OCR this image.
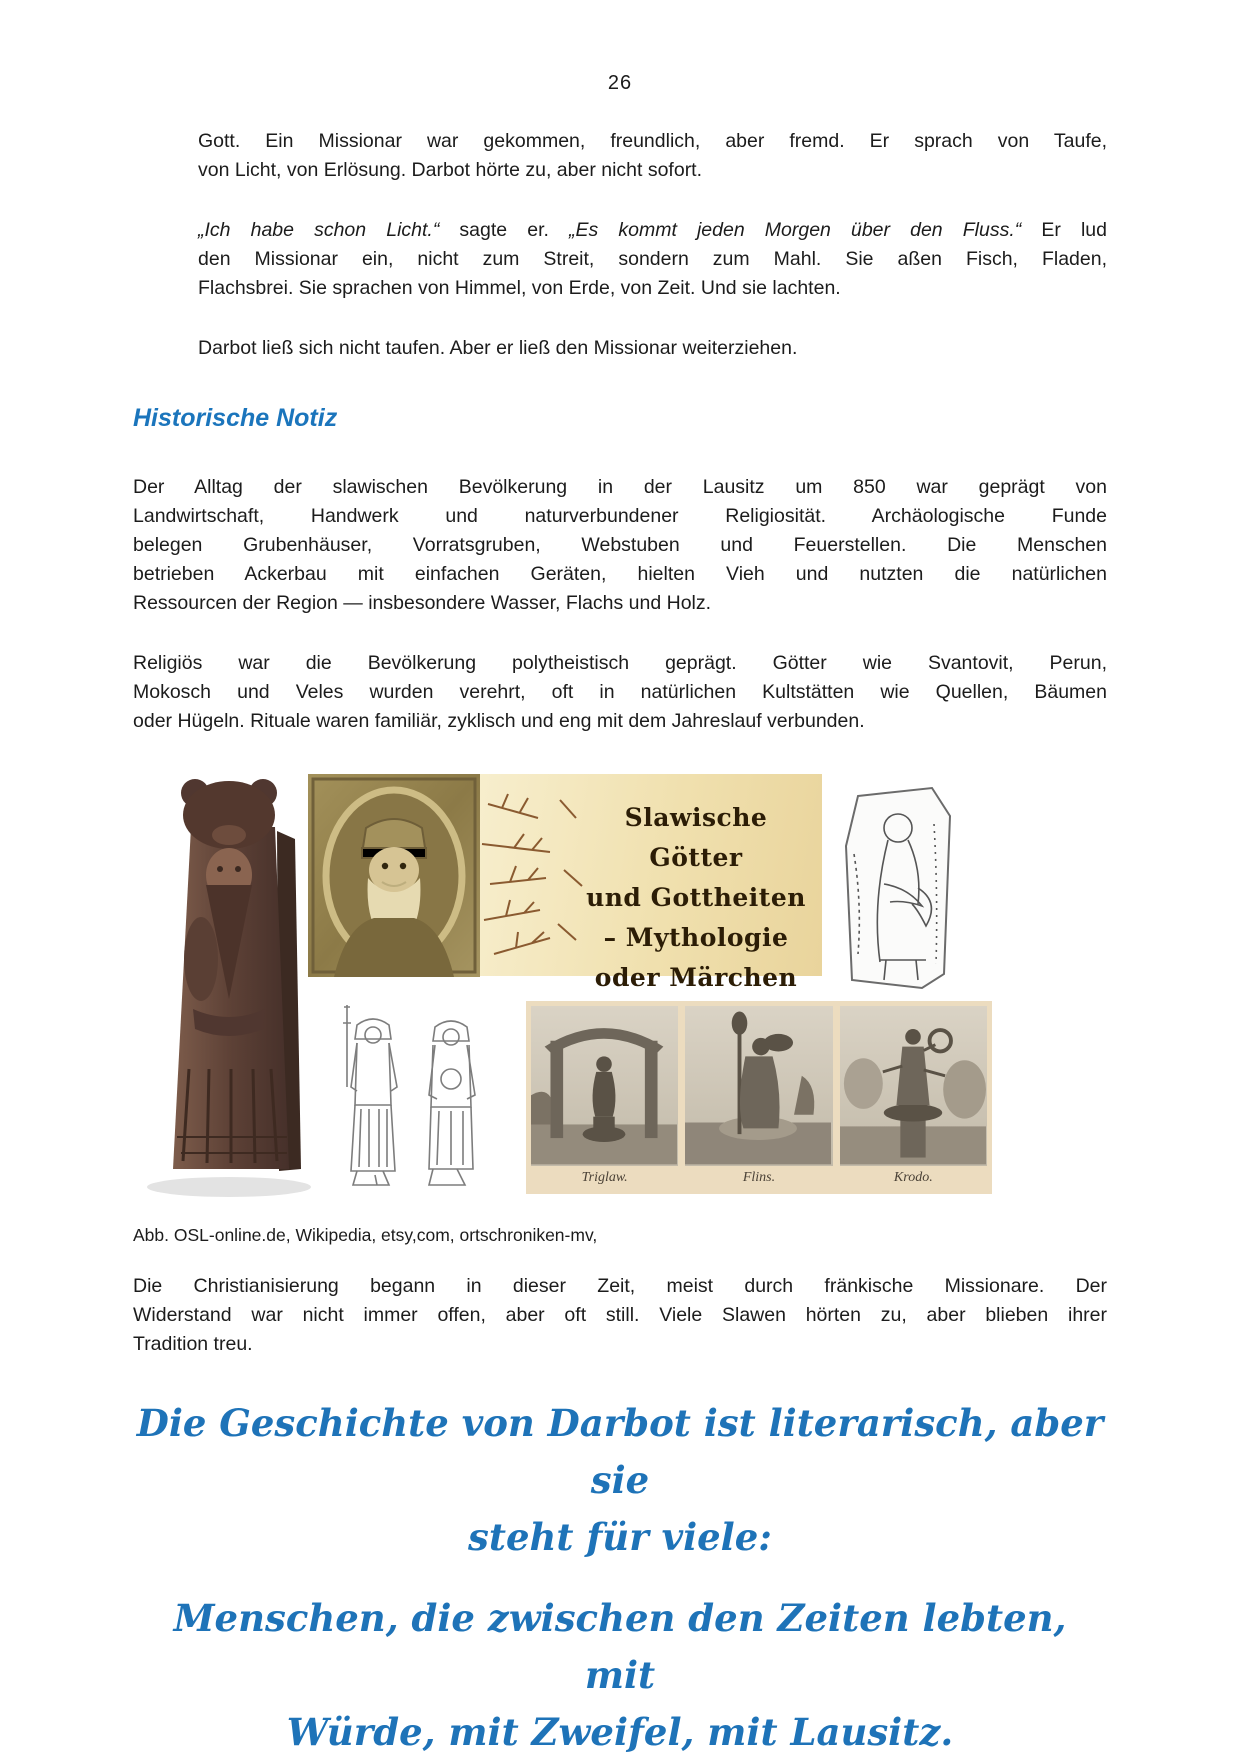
26

Gott. Ein Missionar war gekommen, freundlich, aber fremd. Er sprach von Taufe,
von Licht, von Erlösung. Darbot hörte zu, aber nicht sofort.

„Ich habe schon Licht.“ sagte er. „Es kommt jeden Morgen über den Fluss.“ Er lud
den Missionar ein, nicht zum Streit, sondern zum Mahl. Sie aßen Fisch, Fladen,
Flachsbrei. Sie sprachen von Himmel, von Erde, von Zeit. Und sie lachten.

Darbot ließ sich nicht taufen. Aber er ließ den Missionar weiterziehen.

Historische Notiz

Der Alltag der slawischen Bevölkerung in der Lausitz um 850 war geprägt von
Landwirtschaft, Handwerk und naturverbundener Religiosität. Archäologische Funde
belegen Grubenhäuser, Vorratsgruben, Webstuben und Feuerstellen. Die Menschen
betrieben Ackerbau mit einfachen Geräten, hielten Vieh und nutzten die natürlichen
Ressourcen der Region — insbesondere Wasser, Flachs und Holz.

Religiös war die Bevölkerung polytheistisch geprägt. Götter wie Svantovit, Perun,
Mokosch und Veles wurden verehrt, oft in natürlichen Kultstätten wie Quellen, Bäumen
oder Hügeln. Rituale waren familiär, zyklisch und eng mit dem Jahreslauf verbunden.

Slawische Götter
und Gottheiten
– Mythologie
oder Märchen
Triglaw.	Flins.	Krodo.

Abb. OSL-online.de, Wikipedia, etsy,com, ortschroniken-mv,

Die Christianisierung begann in dieser Zeit, meist durch fränkische Missionare. Der
Widerstand war nicht immer offen, aber oft still. Viele Slawen hörten zu, aber blieben ihrer
Tradition treu.

Die Geschichte von Darbot ist literarisch, aber sie
steht für viele:
Menschen, die zwischen den Zeiten lebten, mit
Würde, mit Zweifel, mit Lausitz.
